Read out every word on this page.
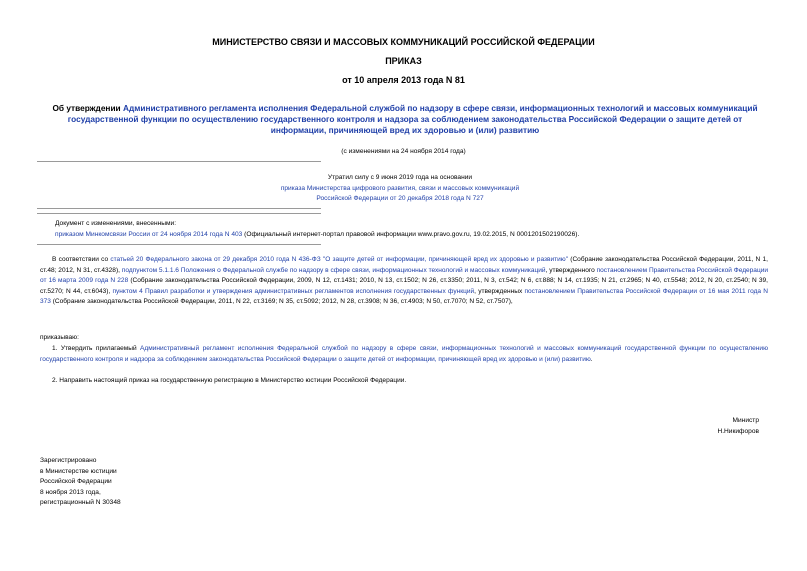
МИНИСТЕРСТВО СВЯЗИ И МАССОВЫХ КОММУНИКАЦИЙ РОССИЙСКОЙ ФЕДЕРАЦИИ
ПРИКАЗ
от 10 апреля 2013 года N 81
Об утверждении Административного регламента исполнения Федеральной службой по надзору в сфере связи, информационных технологий и массовых коммуникаций государственной функции по осуществлению государственного контроля и надзора за соблюдением законодательства Российской Федерации о защите детей от информации, причиняющей вред их здоровью и (или) развитию
(с изменениями на 24 ноября 2014 года)
Утратил силу с 9 июня 2019 года на основании
приказа Министерства цифрового развития, связи и массовых коммуникаций
Российской Федерации от 20 декабря 2018 года N 727
Документ с изменениями, внесенными:
приказом Минкомсвязи России от 24 ноября 2014 года N 403 (Официальный интернет-портал правовой информации www.pravo.gov.ru, 19.02.2015, N 0001201502190026).
В соответствии со статьей 20 Федерального закона от 29 декабря 2010 года N 436-ФЗ "О защите детей от информации, причиняющей вред их здоровью и развитию" (Собрание законодательства Российской Федерации, 2011, N 1, ст.48; 2012, N 31, ст.4328), подпунктом 5.1.1.6 Положения о Федеральной службе по надзору в сфере связи, информационных технологий и массовых коммуникаций, утвержденного постановлением Правительства Российской Федерации от 16 марта 2009 года N 228 (Собрание законодательства Российской Федерации, 2009, N 12, ст.1431; 2010, N 13, ст.1502; N 26, ст.3350; 2011, N 3, ст.542; N 6, ст.888; N 14, ст.1935; N 21, ст.2965; N 40, ст.5548; 2012, N 20, ст.2540; N 39, ст.5270; N 44, ст.6043), пунктом 4 Правил разработки и утверждения административных регламентов исполнения государственных функций, утвержденных постановлением Правительства Российской Федерации от 16 мая 2011 года N 373 (Собрание законодательства Российской Федерации, 2011, N 22, ст.3169; N 35, ст.5092; 2012, N 28, ст.3908; N 36, ст.4903; N 50, ст.7070; N 52, ст.7507),
приказываю:
1. Утвердить прилагаемый Административный регламент исполнения Федеральной службой по надзору в сфере связи, информационных технологий и массовых коммуникаций государственной функции по осуществлению государственного контроля и надзора за соблюдением законодательства Российской Федерации о защите детей от информации, причиняющей вред их здоровью и (или) развитию.
2. Направить настоящий приказ на государственную регистрацию в Министерство юстиции Российской Федерации.
Министр
Н.Никифоров
Зарегистрировано
в Министерстве юстиции
Российской Федерации
8 ноября 2013 года,
регистрационный N 30348
